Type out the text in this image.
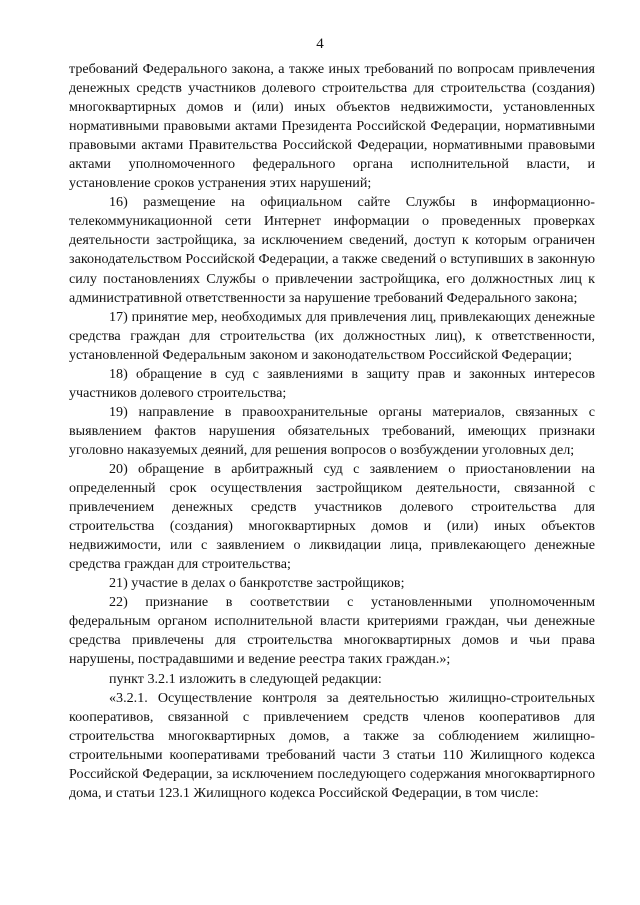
4

требований Федерального закона, а также иных требований по вопросам привлечения денежных средств участников долевого строительства для строительства (создания) многоквартирных домов и (или) иных объектов недвижимости, установленных нормативными правовыми актами Президента Российской Федерации, нормативными правовыми актами Правительства Российской Федерации, нормативными правовыми актами уполномоченного федерального органа исполнительной власти, и установление сроков устранения этих нарушений;

16) размещение на официальном сайте Службы в информационно-телекоммуникационной сети Интернет информации о проведенных проверках деятельности застройщика, за исключением сведений, доступ к которым ограничен законодательством Российской Федерации, а также сведений о вступивших в законную силу постановлениях Службы о привлечении застройщика, его должностных лиц к административной ответственности за нарушение требований Федерального закона;

17) принятие мер, необходимых для привлечения лиц, привлекающих денежные средства граждан для строительства (их должностных лиц), к ответственности, установленной Федеральным законом и законодательством Российской Федерации;

18) обращение в суд с заявлениями в защиту прав и законных интересов участников долевого строительства;

19) направление в правоохранительные органы материалов, связанных с выявлением фактов нарушения обязательных требований, имеющих признаки уголовно наказуемых деяний, для решения вопросов о возбуждении уголовных дел;

20) обращение в арбитражный суд с заявлением о приостановлении на определенный срок осуществления застройщиком деятельности, связанной с привлечением денежных средств участников долевого строительства для строительства (создания) многоквартирных домов и (или) иных объектов недвижимости, или с заявлением о ликвидации лица, привлекающего денежные средства граждан для строительства;

21) участие в делах о банкротстве застройщиков;

22) признание в соответствии с установленными уполномоченным федеральным органом исполнительной власти критериями граждан, чьи денежные средства привлечены для строительства многоквартирных домов и чьи права нарушены, пострадавшими и ведение реестра таких граждан.»;

пункт 3.2.1 изложить в следующей редакции:

«3.2.1. Осуществление контроля за деятельностью жилищно-строительных кооперативов, связанной с привлечением средств членов кооперативов для строительства многоквартирных домов, а также за соблюдением жилищно-строительными кооперативами требований части 3 статьи 110 Жилищного кодекса Российской Федерации, за исключением последующего содержания многоквартирного дома, и статьи 123.1 Жилищного кодекса Российской Федерации, в том числе:
